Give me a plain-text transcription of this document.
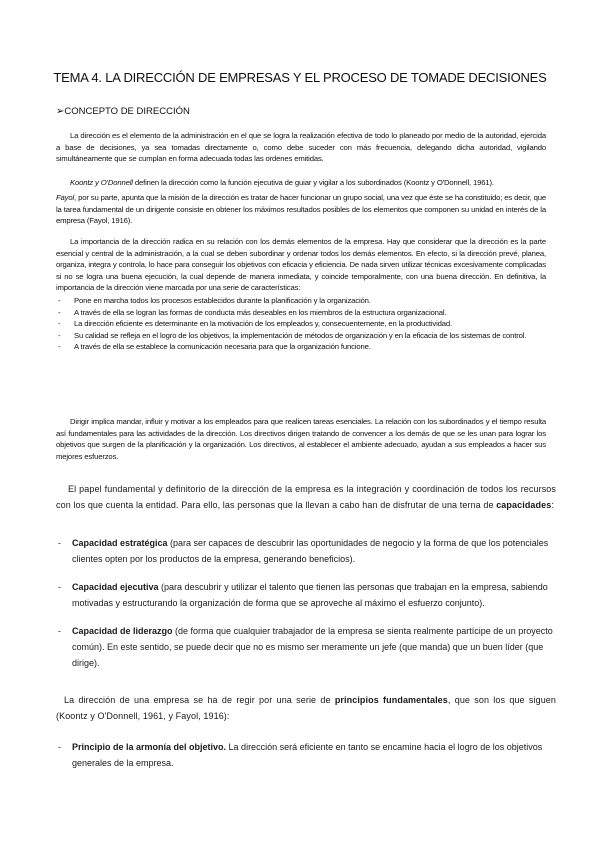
TEMA 4. LA DIRECCIÓN DE EMPRESAS Y EL PROCESO DE TOMADE DECISIONES
➢CONCEPTO DE DIRECCIÓN
La dirección es el elemento de la administración en el que se logra la realización efectiva de todo lo planeado por medio de la autoridad, ejercida a base de decisiones, ya sea tomadas directamente o, como debe suceder con más frecuencia, delegando dicha autoridad, vigilando simultáneamente que se cumplan en forma adecuada todas las ordenes emitidas.
Koontz y O'Donnell definen la dirección como la función ejecutiva de guiar y vigilar a los subordinados (Koontz y O'Donnell, 1961).
Fayol, por su parte, apunta que la misión de la dirección es tratar de hacer funcionar un grupo social, una vez que éste se ha constituido; es decir, que la tarea fundamental de un dirigente consiste en obtener los máximos resultados posibles de los elementos que componen su unidad en interés de la empresa (Fayol, 1916).
La importancia de la dirección radica en su relación con los demás elementos de la empresa. Hay que considerar que la dirección es la parte esencial y central de la administración, a la cual se deben subordinar y ordenar todos los demás elementos. En efecto, si la dirección prevé, planea, organiza, integra y controla, lo hace para conseguir los objetivos con eficacia y eficiencia. De nada sirven utilizar técnicas excesivamente complicadas si no se logra una buena ejecución, la cual depende de manera inmediata, y coincide temporalmente, con una buena dirección. En definitiva, la importancia de la dirección viene marcada por una serie de características:
- Pone en marcha todos los procesos establecidos durante la planificación y la organización.
- A través de ella se logran las formas de conducta más deseables en los miembros de la estructura organizacional.
- La dirección eficiente es determinante en la motivación de los empleados y, consecuentemente, en la productividad.
- Su calidad se refleja en el logro de los objetivos, la implementación de métodos de organización y en la eficacia de los sistemas de control.
- A través de ella se establece la comunicación necesaria para que la organización funcione.
Dirigir implica mandar, influir y motivar a los empleados para que realicen tareas esenciales. La relación con los subordinados y el tiempo resulta así fundamentales para las actividades de la dirección. Los directivos dirigen tratando de convencer a los demás de que se les unan para lograr los objetivos que surgen de la planificación y la organización. Los directivos, al establecer el ambiente adecuado, ayudan a sus empleados a hacer sus mejores esfuerzos.
El papel fundamental y definitorio de la dirección de la empresa es la integración y coordinación de todos los recursos con los que cuenta la entidad. Para ello, las personas que la llevan a cabo han de disfrutar de una terna de capacidades:
- Capacidad estratégica (para ser capaces de descubrir las oportunidades de negocio y la forma de que los potenciales clientes opten por los productos de la empresa, generando beneficios).
- Capacidad ejecutiva (para descubrir y utilizar el talento que tienen las personas que trabajan en la empresa, sabiendo motivadas y estructurando la organización de forma que se aproveche al máximo el esfuerzo conjunto).
- Capacidad de liderazgo (de forma que cualquier trabajador de la empresa se sienta realmente partícipe de un proyecto común). En este sentido, se puede decir que no es mismo ser meramente un jefe (que manda) que un buen líder (que dirige).
La dirección de una empresa se ha de regir por una serie de principios fundamentales, que son los que siguen (Koontz y O'Donnell, 1961, y Fayol, 1916):
- Principio de la armonía del objetivo. La dirección será eficiente en tanto se encamine hacia el logro de los objetivos generales de la empresa.
